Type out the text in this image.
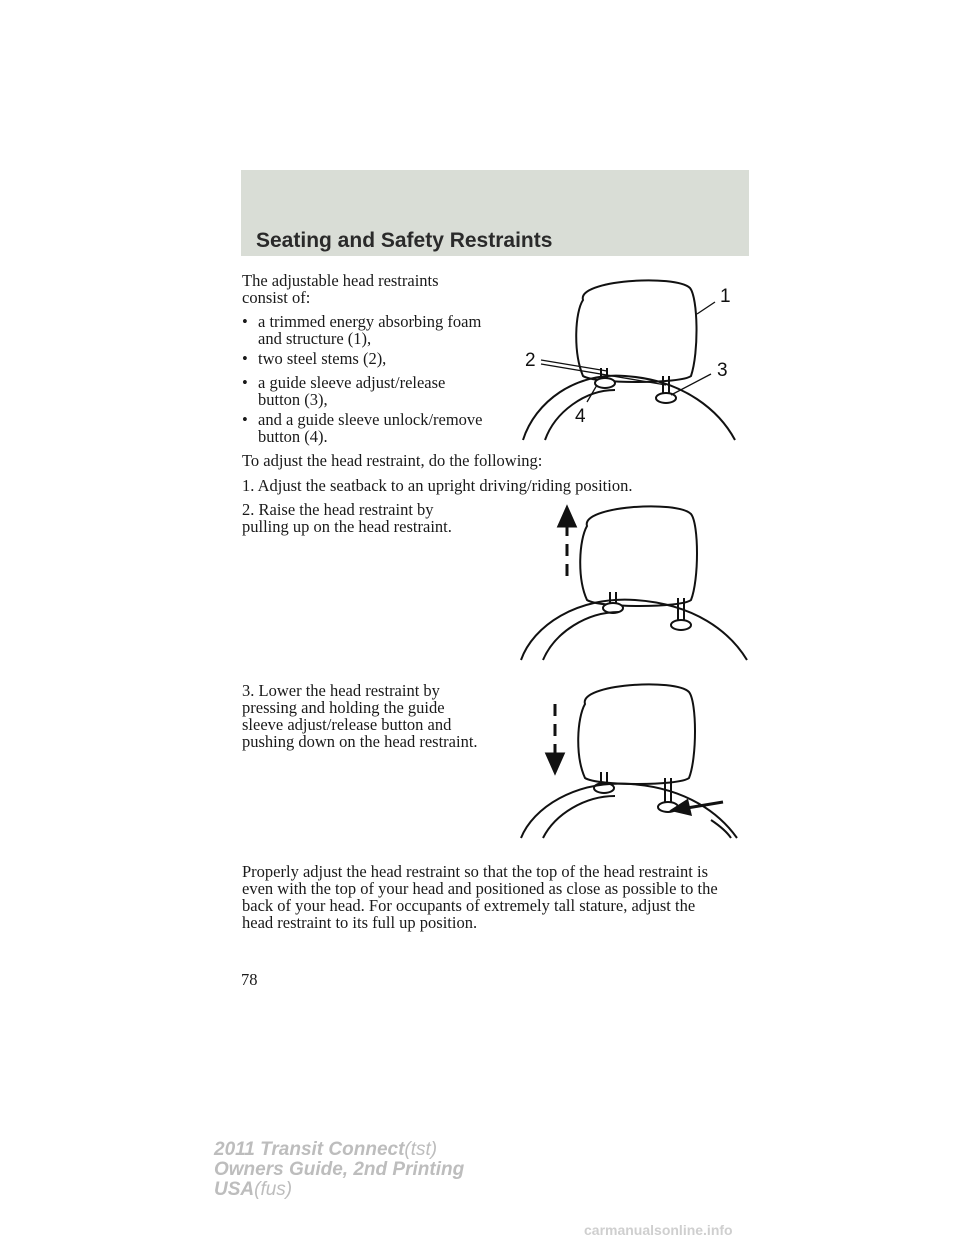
Seating and Safety Restraints
The adjustable head restraints
consist of:
• a trimmed energy absorbing foam
and structure (1),
• two steel stems (2),
• a guide sleeve adjust/release
button (3),
• and a guide sleeve unlock/remove
button (4).
1
2	3
4
To adjust the head restraint, do the following:
1. Adjust the seatback to an upright driving/riding position.
2. Raise the head restraint by
pulling up on the head restraint.
3. Lower the head restraint by
pressing and holding the guide
sleeve adjust/release button and
pushing down on the head restraint.
Properly adjust the head restraint so that the top of the head restraint is
even with the top of your head and positioned as close as possible to the
back of your head. For occupants of extremely tall stature, adjust the
head restraint to its full up position.
78
2011 Transit Connect(tst)
Owners Guide, 2nd Printing
USA(fus)
carmanualsonline.info
